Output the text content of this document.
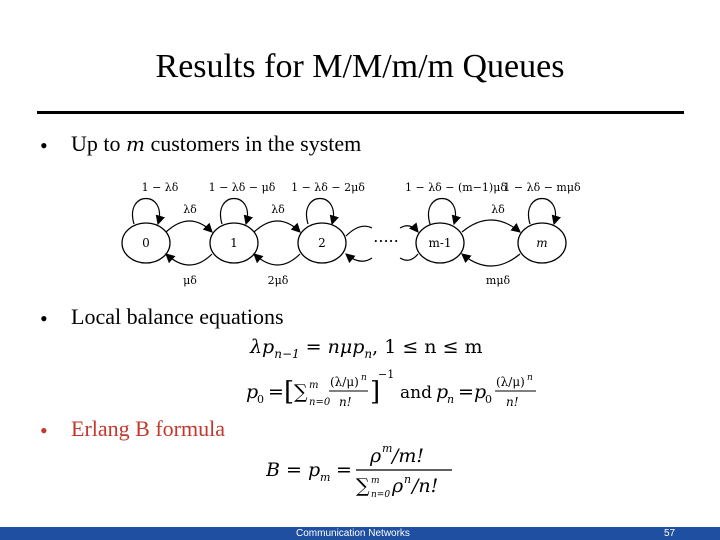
Results for M/M/m/m Queues
• Up to m customers in the system
1 − λδ	1 − λδ − μδ 1 − λδ − 2μδ	1 − λδ − (m−1)μδ
1 − λδ − mμδ
0	1	2	m-1	m
.....
λδ	λδ	λδ
μδ	2μδ	mμδ
• Local balance equations
$\lambda p_{n-1} = n\mu p_n$, 1 ≤ n ≤ m
p
0 = [ ∑ m
n=0
(λ/μ) n
n! ]
−1
and p
n = p
0
(λ/μ) n
n!
• Erlang B formula
B = p m =
ρ m /m!
∑ m
n=0 ρ n /n!
Communication Networks	57
